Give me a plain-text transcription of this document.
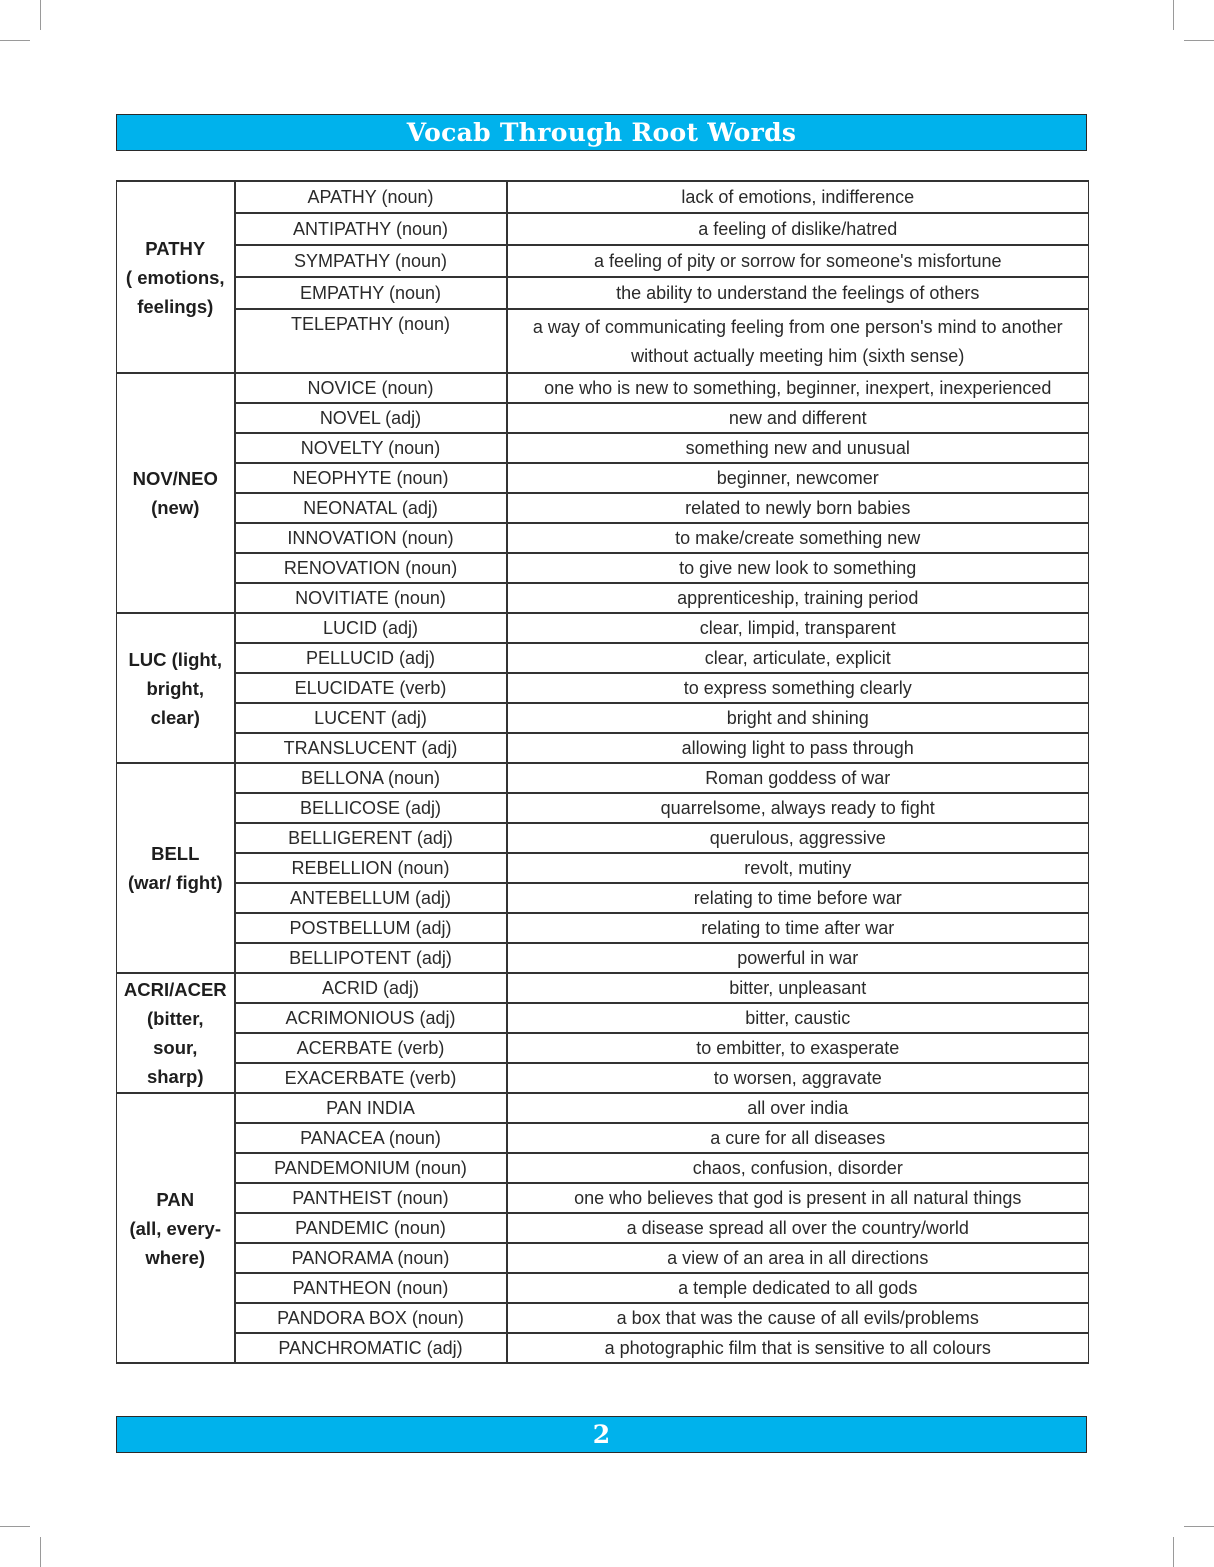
Vocab Through Root Words
PATHY
( emotions,
feelings)	APATHY (noun)	lack of emotions, indifference
	ANTIPATHY (noun)	a feeling of dislike/hatred
	SYMPATHY (noun)	a feeling of pity or sorrow for someone's misfortune
	EMPATHY (noun)	the ability to understand the feelings of others
	TELEPATHY (noun)	a way of communicating feeling from one person's mind to another without actually meeting him (sixth sense)
NOV/NEO
(new)	NOVICE (noun)	one who is new to something, beginner, inexpert, inexperienced
	NOVEL (adj)	new and different
	NOVELTY (noun)	something new and unusual
	NEOPHYTE (noun)	beginner, newcomer
	NEONATAL (adj)	related to newly born babies
	INNOVATION (noun)	to make/create something new
	RENOVATION (noun)	to give new look to something
	NOVITIATE (noun)	apprenticeship, training period
LUC (light,
bright,
clear)	LUCID (adj)	clear, limpid, transparent
	PELLUCID (adj)	clear, articulate, explicit
	ELUCIDATE (verb)	to express something clearly
	LUCENT (adj)	bright and shining
	TRANSLUCENT (adj)	allowing light to pass through
BELL
(war/ fight)	BELLONA (noun)	Roman goddess of war
	BELLICOSE (adj)	quarrelsome, always ready to fight
	BELLIGERENT (adj)	querulous, aggressive
	REBELLION (noun)	revolt, mutiny
	ANTEBELLUM (adj)	relating to time before war
	POSTBELLUM (adj)	relating to time after war
	BELLIPOTENT (adj)	powerful in war
ACRI/ACER
(bitter,
sour,
sharp)	ACRID (adj)	bitter, unpleasant
	ACRIMONIOUS (adj)	bitter, caustic
	ACERBATE (verb)	to embitter, to exasperate
	EXACERBATE (verb)	to worsen, aggravate
PAN
(all, every-
where)	PAN INDIA	all over india
	PANACEA (noun)	a cure for all diseases
	PANDEMONIUM (noun)	chaos, confusion, disorder
	PANTHEIST (noun)	one who believes that god is present in all natural things
	PANDEMIC (noun)	a disease spread all over the country/world
	PANORAMA (noun)	a view of an area in all directions
	PANTHEON (noun)	a temple dedicated to all gods
	PANDORA BOX (noun)	a box that was the cause of all evils/problems
	PANCHROMATIC (adj)	a photographic film that is sensitive to all colours
2
